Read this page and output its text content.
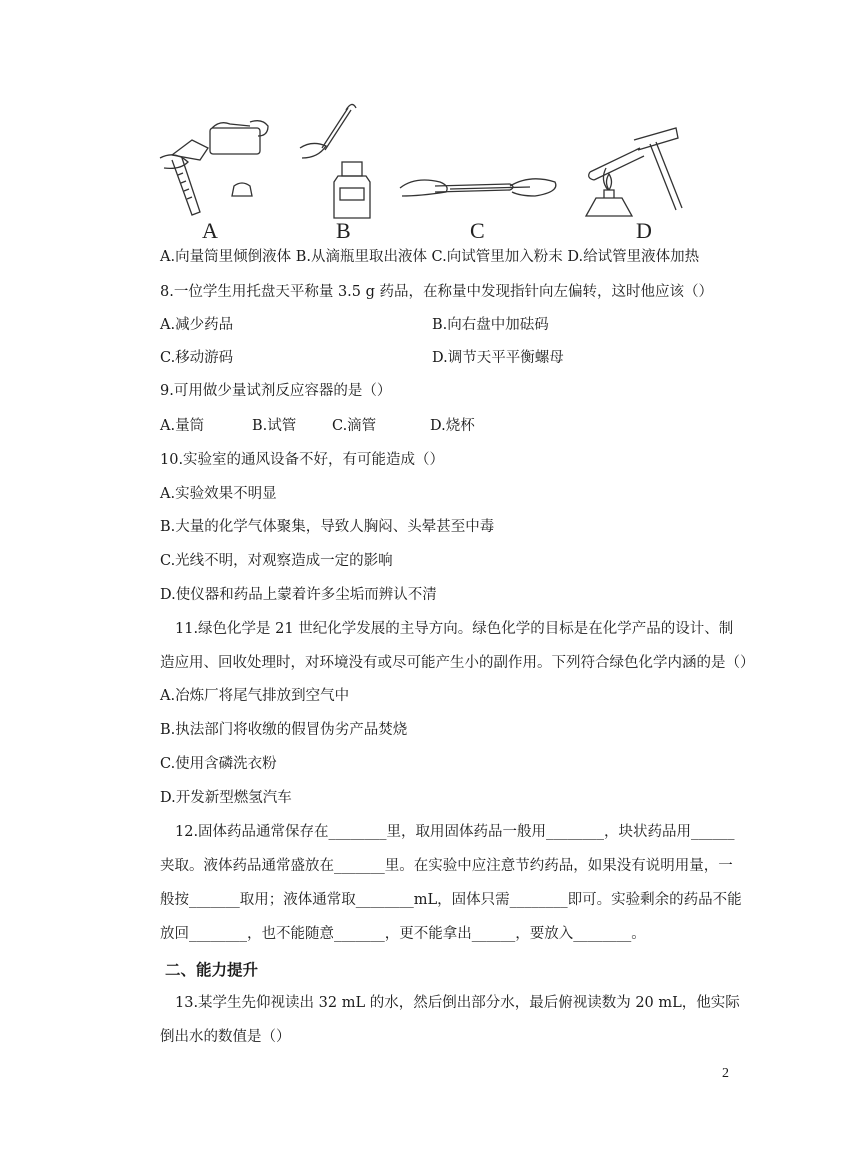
A	B	C	D
A.向量筒里倾倒液体 B.从滴瓶里取出液体 C.向试管里加入粉末 D.给试管里液体加热
8.一位学生用托盘天平称量 3.5 g 药品，在称量中发现指针向左偏转，这时他应该（）
A.减少药品	B.向右盘中加砝码
C.移动游码	D.调节天平平衡螺母
9.可用做少量试剂反应容器的是（）
A.量筒	B.试管 C.滴管	D.烧杯
10.实验室的通风设备不好，有可能造成（）
A.实验效果不明显
B.大量的化学气体聚集，导致人胸闷、头晕甚至中毒
C.光线不明，对观察造成一定的影响
D.使仪器和药品上蒙着许多尘垢而辨认不清
11.绿色化学是 21 世纪化学发展的主导方向。绿色化学的目标是在化学产品的设计、制
造应用、回收处理时，对环境没有或尽可能产生小的副作用。下列符合绿色化学内涵的是（）
A.冶炼厂将尾气排放到空气中
B.执法部门将收缴的假冒伪劣产品焚烧
C.使用含磷洗衣粉
D.开发新型燃氢汽车
12.固体药品通常保存在________里，取用固体药品一般用________，块状药品用______
夹取。液体药品通常盛放在_______里。在实验中应注意节约药品，如果没有说明用量，一
般按_______取用；液体通常取________mL，固体只需________即可。实验剩余的药品不能
放回________，也不能随意_______，更不能拿出______，要放入________。
二、能力提升
13.某学生先仰视读出 32 mL 的水，然后倒出部分水，最后俯视读数为 20 mL，他实际
倒出水的数值是（）
2
